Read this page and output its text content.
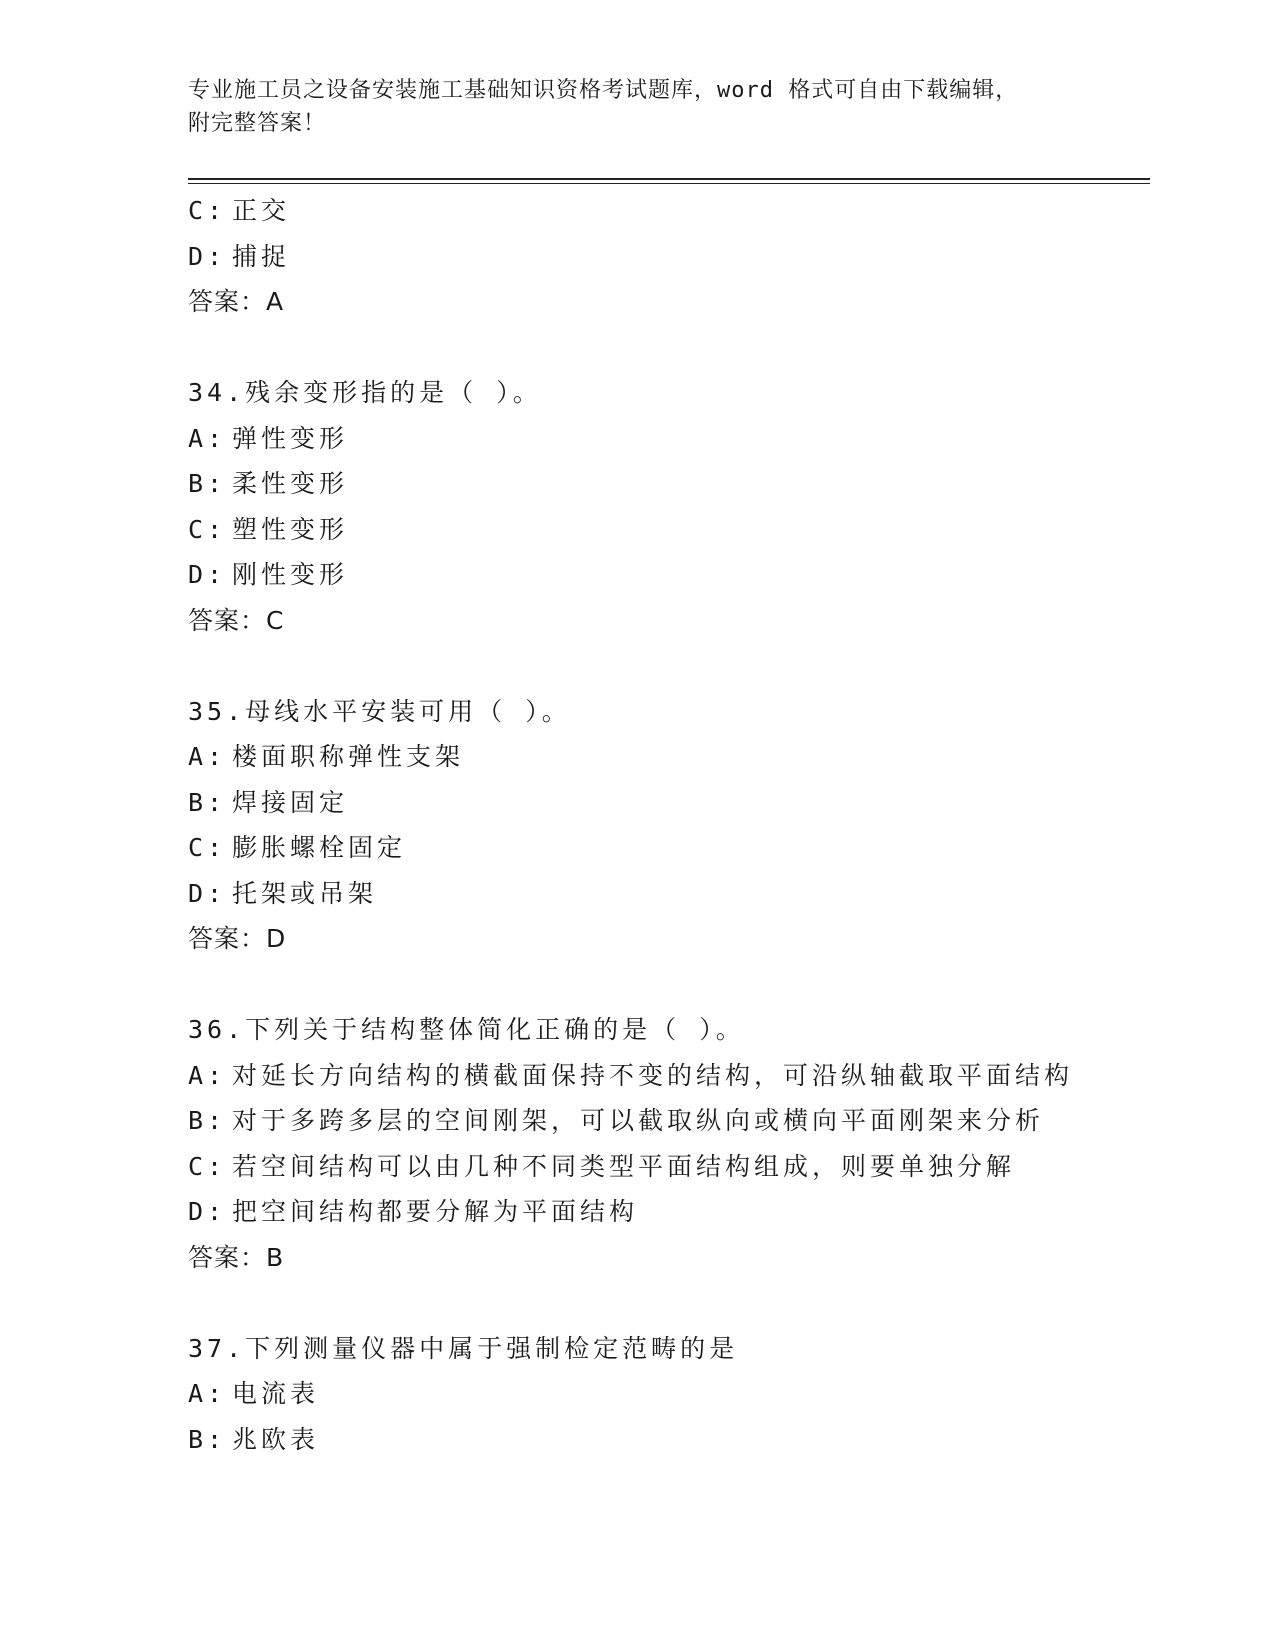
专业施工员之设备安装施工基础知识资格考试题库，word 格式可自由下载编辑，
附完整答案！
C: 正交
D: 捕捉
答案：A
34.残余变形指的是（ ）。
A: 弹性变形
B: 柔性变形
C: 塑性变形
D: 刚性变形
答案：C
35.母线水平安装可用（ ）。
A: 楼面职称弹性支架
B: 焊接固定
C: 膨胀螺栓固定
D: 托架或吊架
答案：D
36.下列关于结构整体简化正确的是（ ）。
A: 对延长方向结构的横截面保持不变的结构，可沿纵轴截取平面结构
B: 对于多跨多层的空间刚架，可以截取纵向或横向平面刚架来分析
C: 若空间结构可以由几种不同类型平面结构组成，则要单独分解
D: 把空间结构都要分解为平面结构
答案：B
37.下列测量仪器中属于强制检定范畴的是
A: 电流表
B: 兆欧表
